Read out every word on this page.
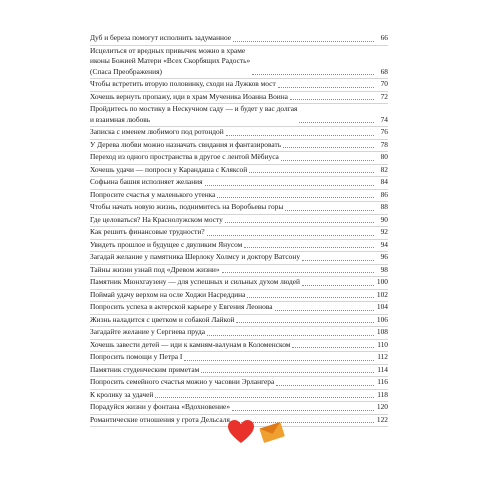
Дуб и береза помогут исполнить задуманное	66
Исцелиться от вредных привычек можно в храме
иконы Божией Матери «Всех Скорбящих Радость»
(Спаса Преображения)	68
Чтобы встретить вторую половинку, сходи на Лужков мост	70
Хочешь вернуть пропажу, иди в храм Мученика Иоанна Воина	72
Пройдитесь по мостику в Нескучном саду — и будет у вас долгая
и взаимная любовь	74
Записка с именем любимого под ротондой	76
У Дерева любви можно назначать свидания и фантазировать	78
Переход из одного пространства в другое с лентой Мёбиуса	80
Хочешь удачи — попроси у Карандаша с Кляксой	82
Софьина башня исполняет желания	84
Попросите счастья у маленького утенка	86
Чтобы начать новую жизнь, поднимитесь на Воробьевы горы	88
Где целоваться? На Краснолужском мосту	90
Как решить финансовые трудности?	92
Увидеть прошлое и будущее с двуликим Янусом	94
Загадай желание у памятника Шерлоку Холмсу и доктору Ватсону	96
Тайны жизни узнай под «Древом жизни»	98
Памятник Мюнхгаузену — для успешных и сильных духом людей	100
Поймай удачу верхом на осле Ходжи Насреддина	102
Попросить успеха в актерской карьере у Евгения Леонова	104
Жизнь наладится с цветком и собакой Лайкой	106
Загадайте желание у Сергиева пруда	108
Хочешь завести детей — иди к камням-валунам в Коломенском	110
Попросить помощи у Петра I	112
Памятник студенческим приметам	114
Попросить семейного счастья можно у часовни Эрлангера	116
К кролику за удачей	118
Порадуйся жизни у фонтана «Вдохновение»	120
Романтические отношения у грота Дельсаля	122
